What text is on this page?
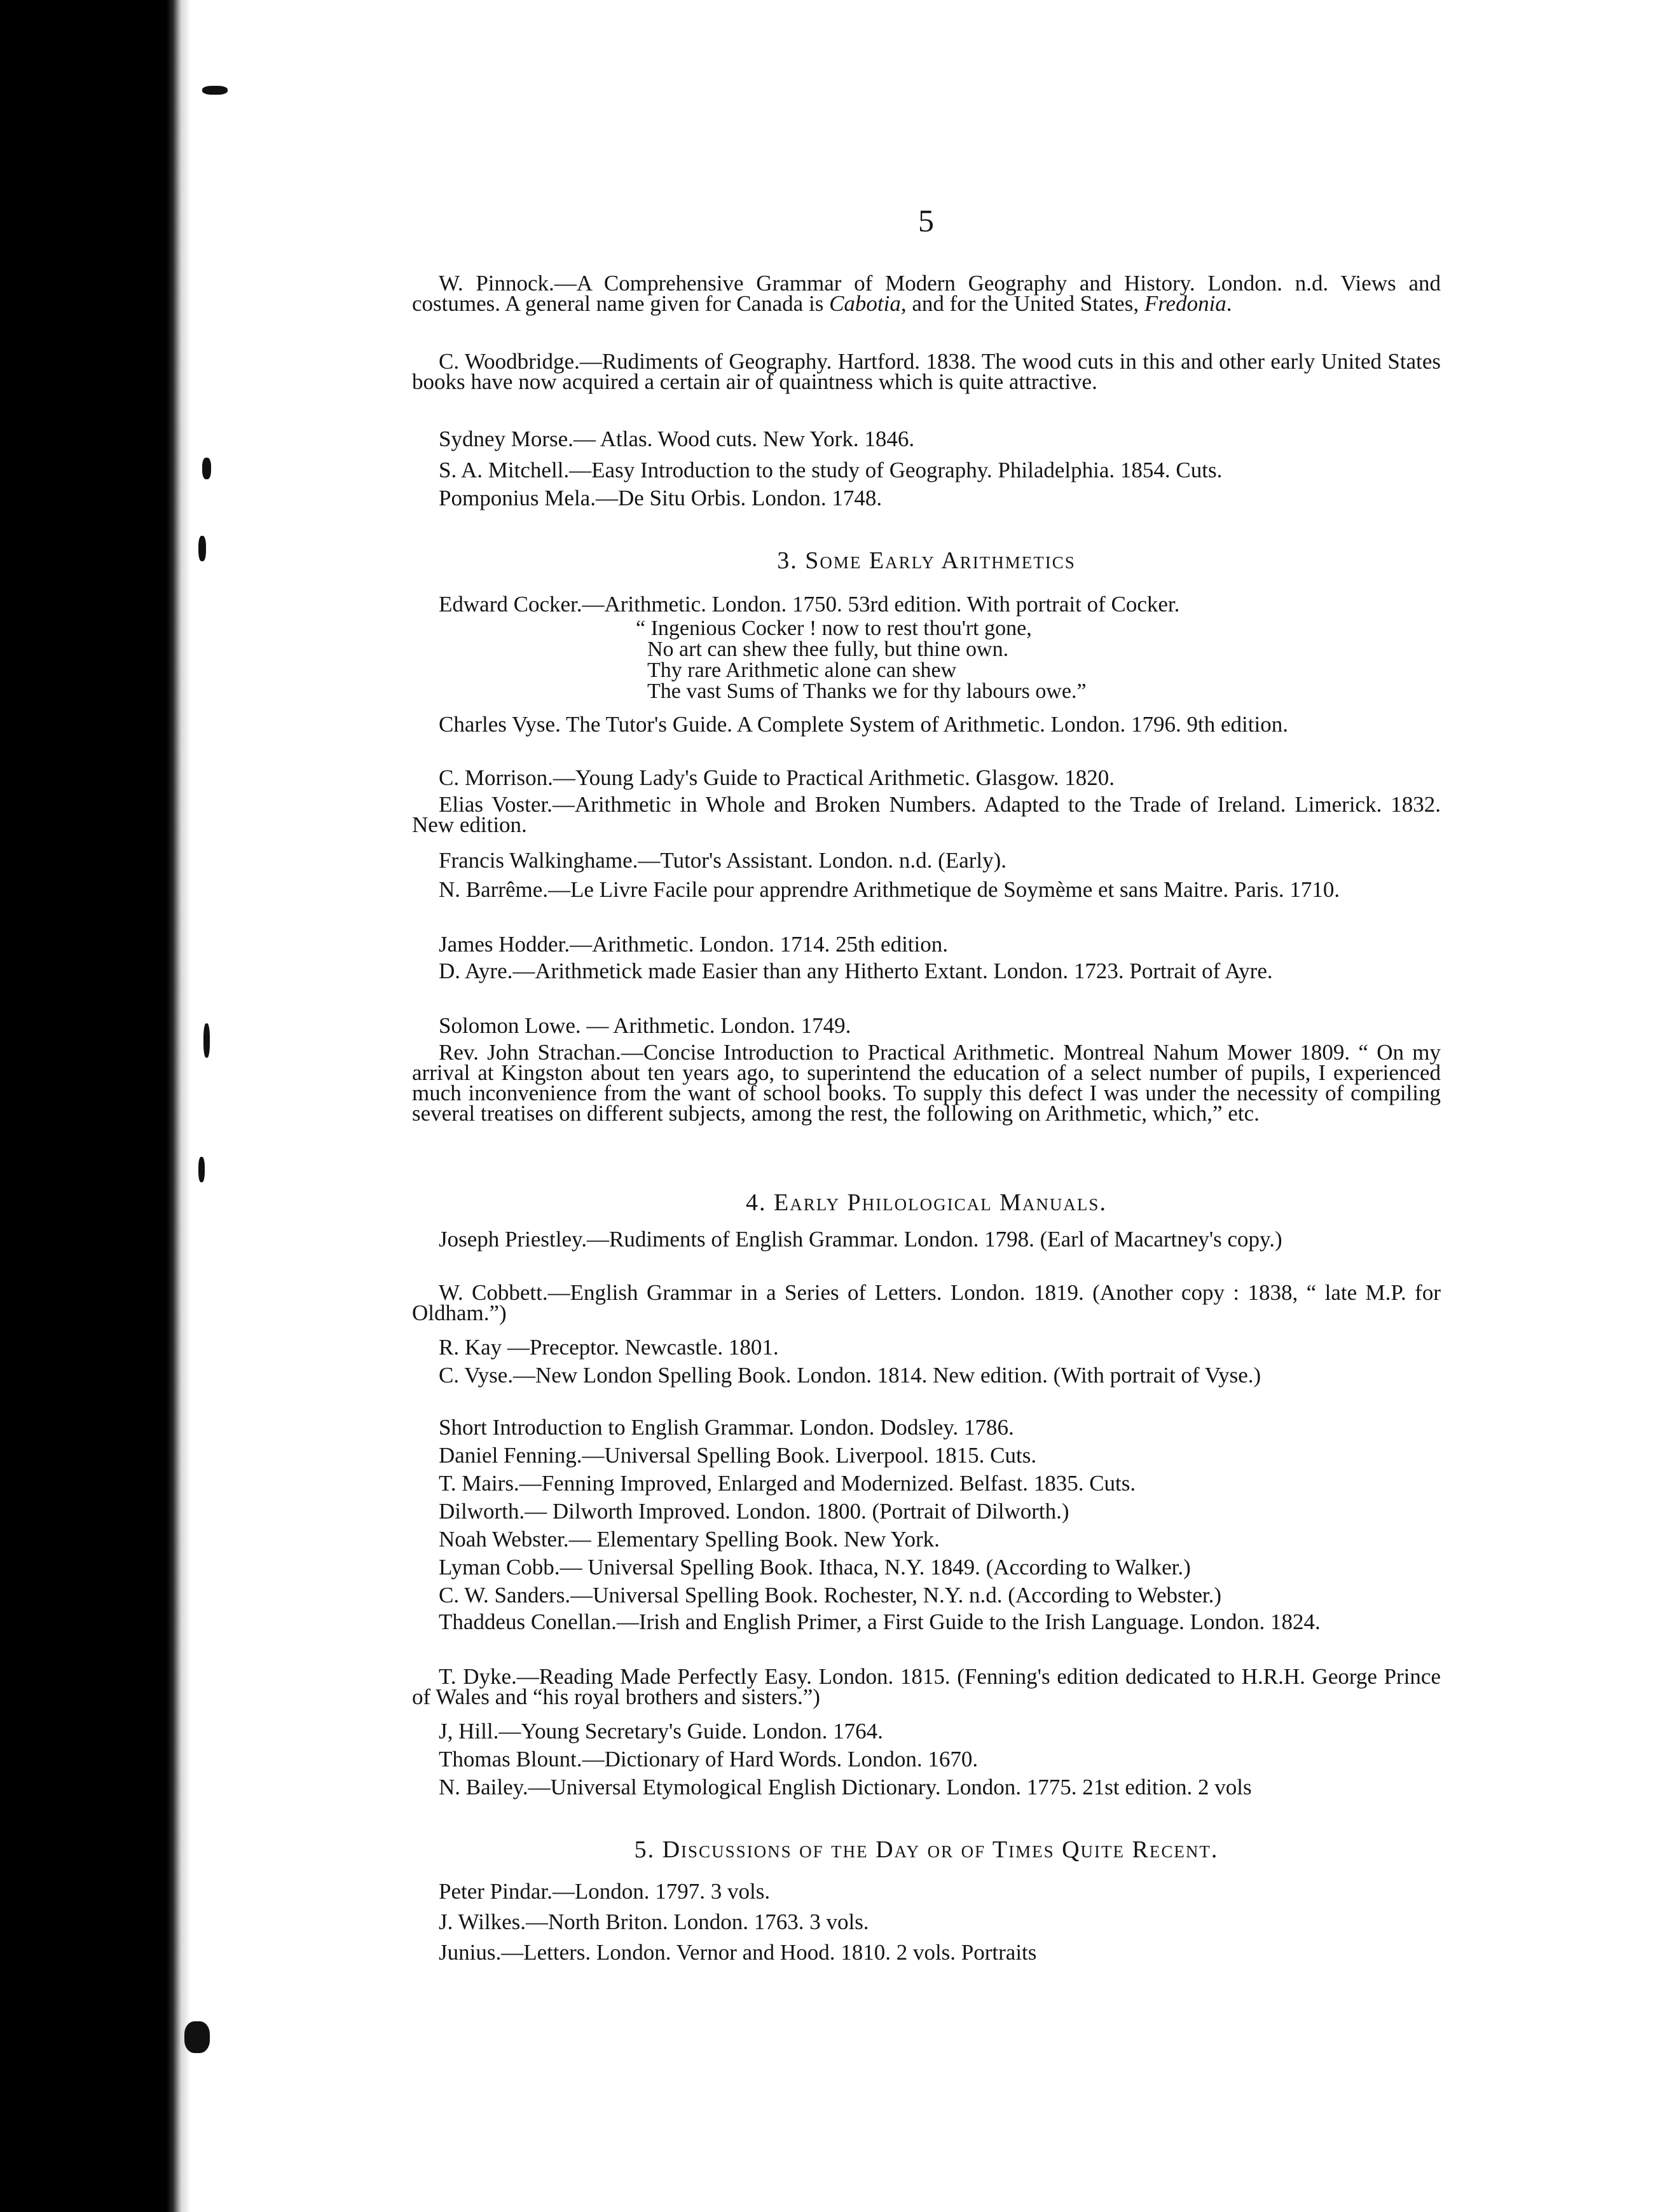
5

W. Pinnock.—A Comprehensive Grammar of Modern Geography and History. London. n.d. Views and costumes. A general name given for Canada is Cabotia, and for the United States, Fredonia.

C. Woodbridge.—Rudiments of Geography. Hartford. 1838. The wood cuts in this and other early United States books have now acquired a certain air of quaintness which is quite attractive.

Sydney Morse.— Atlas. Wood cuts. New York. 1846.

S. A. Mitchell.—Easy Introduction to the study of Geography. Philadelphia. 1854. Cuts.

Pomponius Mela.—De Situ Orbis. London. 1748.

3. Some Early Arithmetics

Edward Cocker.—Arithmetic. London. 1750. 53rd edition. With portrait of Cocker.

“ Ingenious Cocker ! now to rest thou'rt gone,
No art can shew thee fully, but thine own.
Thy rare Arithmetic alone can shew
The vast Sums of Thanks we for thy labours owe.”

Charles Vyse. The Tutor's Guide. A Complete System of Arithmetic. London. 1796. 9th edition.

C. Morrison.—Young Lady's Guide to Practical Arithmetic. Glasgow. 1820.

Elias Voster.—Arithmetic in Whole and Broken Numbers. Adapted to the Trade of Ireland. Limerick. 1832. New edition.

Francis Walkinghame.—Tutor's Assistant. London. n.d. (Early).

N. Barrême.—Le Livre Facile pour apprendre Arithmetique de Soymème et sans Maitre. Paris. 1710.

James Hodder.—Arithmetic. London. 1714. 25th edition.

D. Ayre.—Arithmetick made Easier than any Hitherto Extant. London. 1723. Portrait of Ayre.

Solomon Lowe. — Arithmetic. London. 1749.

Rev. John Strachan.—Concise Introduction to Practical Arithmetic. Montreal Nahum Mower 1809. “ On my arrival at Kingston about ten years ago, to superintend the education of a select number of pupils, I experienced much inconvenience from the want of school books. To supply this defect I was under the necessity of compiling several treatises on different subjects, among the rest, the following on Arithmetic, which,” etc.

4. Early Philological Manuals.

Joseph Priestley.—Rudiments of English Grammar. London. 1798. (Earl of Macartney's copy.)

W. Cobbett.—English Grammar in a Series of Letters. London. 1819. (Another copy : 1838, “ late M.P. for Oldham.”)

R. Kay —Preceptor. Newcastle. 1801.

C. Vyse.—New London Spelling Book. London. 1814. New edition. (With portrait of Vyse.)

Short Introduction to English Grammar. London. Dodsley. 1786.

Daniel Fenning.—Universal Spelling Book. Liverpool. 1815. Cuts.

T. Mairs.—Fenning Improved, Enlarged and Modernized. Belfast. 1835. Cuts.

Dilworth.— Dilworth Improved. London. 1800. (Portrait of Dilworth.)

Noah Webster.— Elementary Spelling Book. New York.

Lyman Cobb.— Universal Spelling Book. Ithaca, N.Y. 1849. (According to Walker.)

C. W. Sanders.—Universal Spelling Book. Rochester, N.Y. n.d. (According to Webster.)

Thaddeus Conellan.—Irish and English Primer, a First Guide to the Irish Language. London. 1824.

T. Dyke.—Reading Made Perfectly Easy. London. 1815. (Fenning's edition dedicated to H.R.H. George Prince of Wales and “his royal brothers and sisters.”)

J, Hill.—Young Secretary's Guide. London. 1764.

Thomas Blount.—Dictionary of Hard Words. London. 1670.

N. Bailey.—Universal Etymological English Dictionary. London. 1775. 21st edition. 2 vols

5. Discussions of the Day or of Times Quite Recent.

Peter Pindar.—London. 1797. 3 vols.

J. Wilkes.—North Briton. London. 1763. 3 vols.

Junius.—Letters. London. Vernor and Hood. 1810. 2 vols. Portraits
